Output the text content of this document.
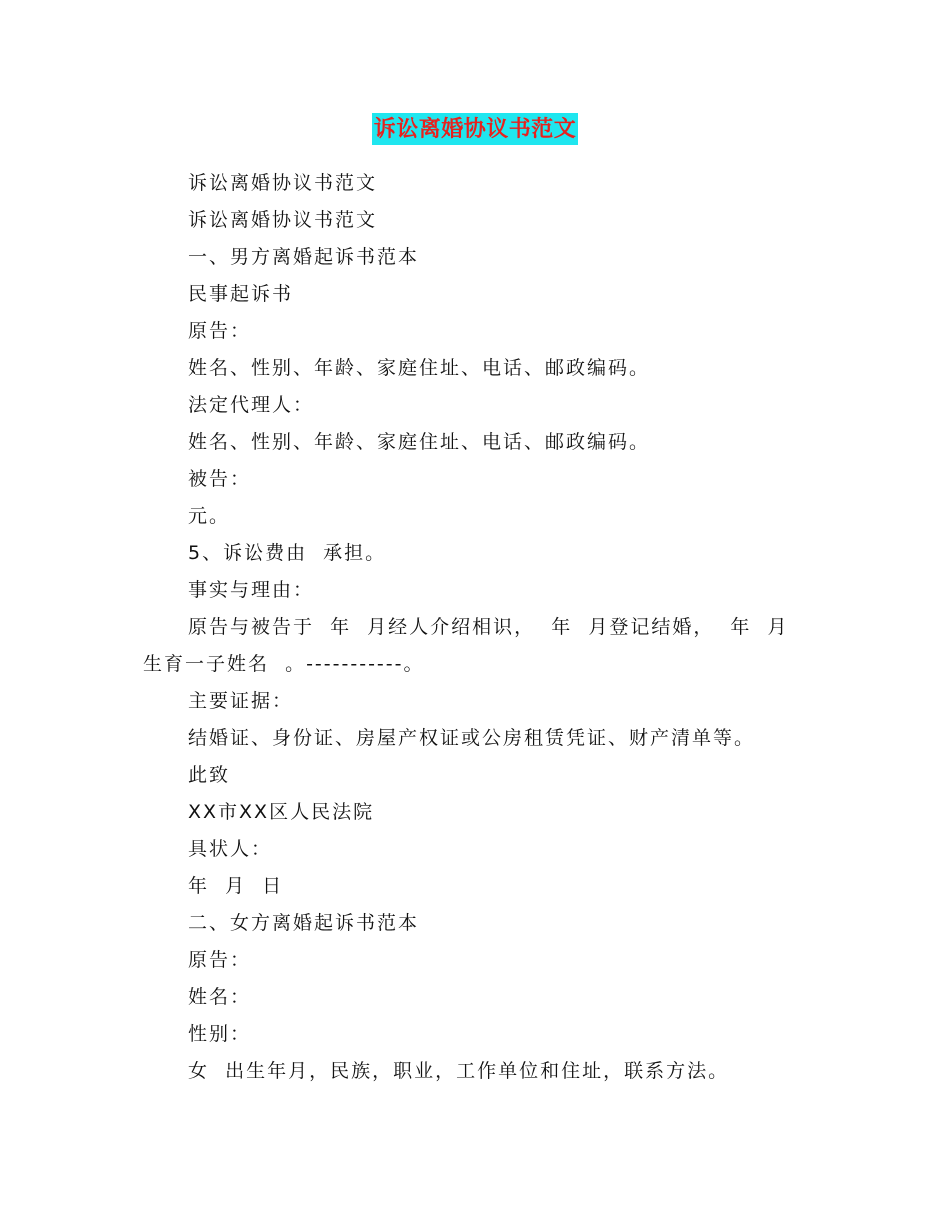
诉讼离婚协议书范文
诉讼离婚协议书范文
诉讼离婚协议书范文
一、男方离婚起诉书范本
民事起诉书
原告：
姓名、性别、年龄、家庭住址、电话、邮政编码。
法定代理人：
姓名、性别、年龄、家庭住址、电话、邮政编码。
被告：
元。
5、诉讼费由  承担。
事实与理由：
原告与被告于  年  月经人介绍相识，  年  月登记结婚，  年  月生育一子姓名  。-----------。
主要证据：
结婚证、身份证、房屋产权证或公房租赁凭证、财产清单等。
此致
XX市XX区人民法院
具状人：
年  月  日
二、女方离婚起诉书范本
原告：
姓名：
性别：
女  出生年月，民族，职业，工作单位和住址，联系方法。
